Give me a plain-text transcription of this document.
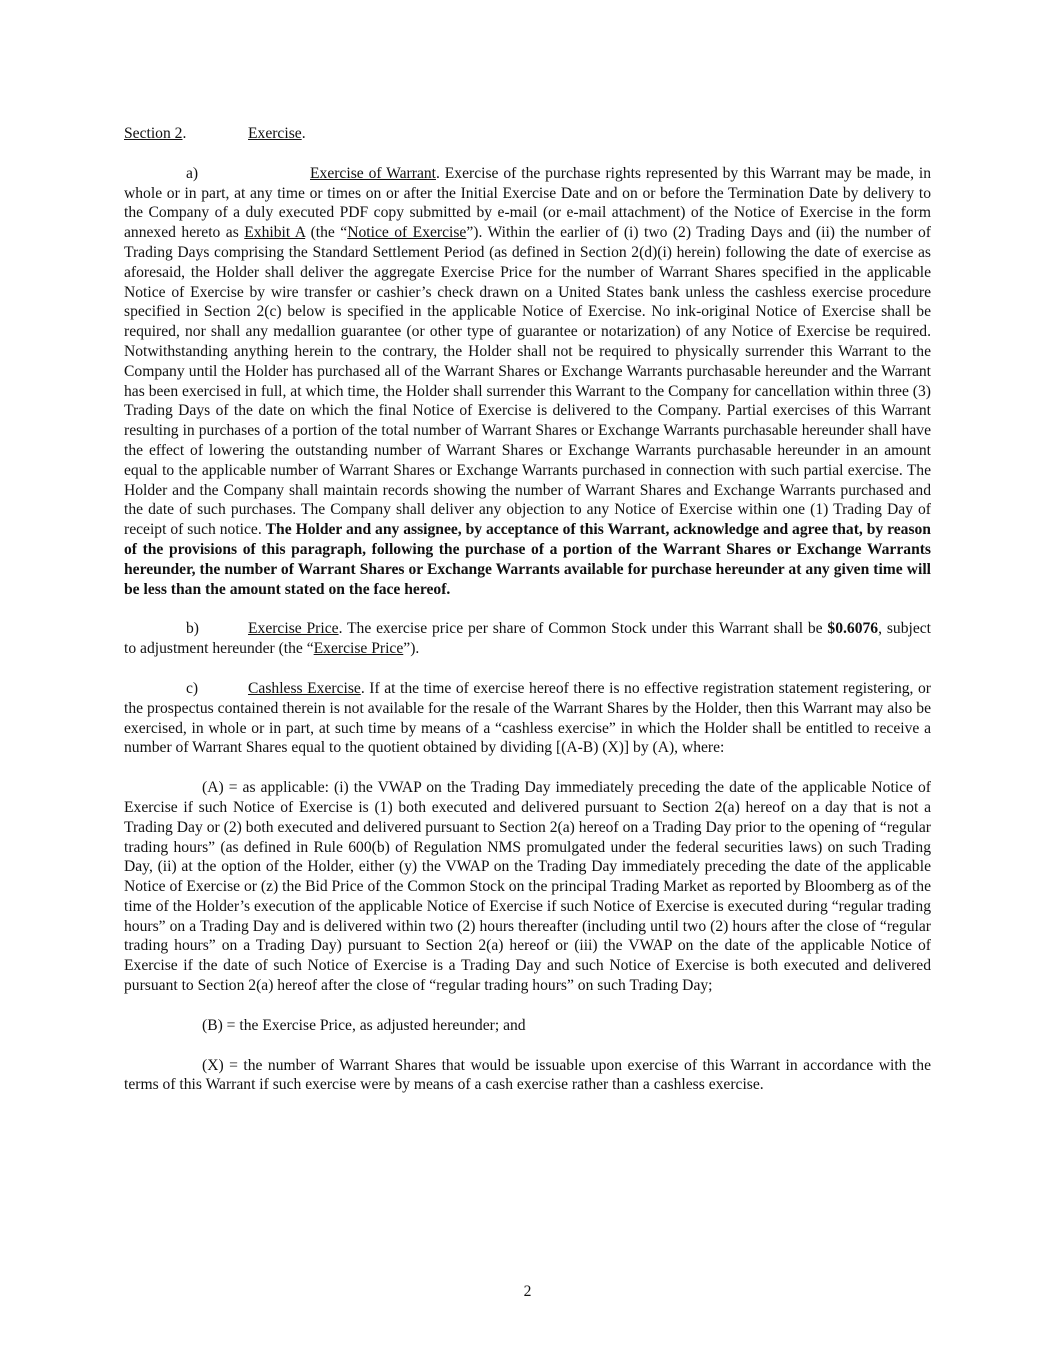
Section 2.	Exercise.

a)	Exercise of Warrant. Exercise of the purchase rights represented by this Warrant may be made, in whole or in part, at any time or times on or after the Initial Exercise Date and on or before the Termination Date by delivery to the Company of a duly executed PDF copy submitted by e-mail (or e-mail attachment) of the Notice of Exercise in the form annexed hereto as Exhibit A (the “Notice of Exercise”). Within the earlier of (i) two (2) Trading Days and (ii) the number of Trading Days comprising the Standard Settlement Period (as defined in Section 2(d)(i) herein) following the date of exercise as aforesaid, the Holder shall deliver the aggregate Exercise Price for the number of Warrant Shares specified in the applicable Notice of Exercise by wire transfer or cashier’s check drawn on a United States bank unless the cashless exercise procedure specified in Section 2(c) below is specified in the applicable Notice of Exercise. No ink-original Notice of Exercise shall be required, nor shall any medallion guarantee (or other type of guarantee or notarization) of any Notice of Exercise be required. Notwithstanding anything herein to the contrary, the Holder shall not be required to physically surrender this Warrant to the Company until the Holder has purchased all of the Warrant Shares or Exchange Warrants purchasable hereunder and the Warrant has been exercised in full, at which time, the Holder shall surrender this Warrant to the Company for cancellation within three (3) Trading Days of the date on which the final Notice of Exercise is delivered to the Company. Partial exercises of this Warrant resulting in purchases of a portion of the total number of Warrant Shares or Exchange Warrants purchasable hereunder shall have the effect of lowering the outstanding number of Warrant Shares or Exchange Warrants purchasable hereunder in an amount equal to the applicable number of Warrant Shares or Exchange Warrants purchased in connection with such partial exercise. The Holder and the Company shall maintain records showing the number of Warrant Shares and Exchange Warrants purchased and the date of such purchases. The Company shall deliver any objection to any Notice of Exercise within one (1) Trading Day of receipt of such notice. The Holder and any assignee, by acceptance of this Warrant, acknowledge and agree that, by reason of the provisions of this paragraph, following the purchase of a portion of the Warrant Shares or Exchange Warrants hereunder, the number of Warrant Shares or Exchange Warrants available for purchase hereunder at any given time will be less than the amount stated on the face hereof.

b)	Exercise Price. The exercise price per share of Common Stock under this Warrant shall be $0.6076, subject to adjustment hereunder (the “Exercise Price”).

c)	Cashless Exercise. If at the time of exercise hereof there is no effective registration statement registering, or the prospectus contained therein is not available for the resale of the Warrant Shares by the Holder, then this Warrant may also be exercised, in whole or in part, at such time by means of a “cashless exercise” in which the Holder shall be entitled to receive a number of Warrant Shares equal to the quotient obtained by dividing [(A-B) (X)] by (A), where:

(A) = as applicable: (i) the VWAP on the Trading Day immediately preceding the date of the applicable Notice of Exercise if such Notice of Exercise is (1) both executed and delivered pursuant to Section 2(a) hereof on a day that is not a Trading Day or (2) both executed and delivered pursuant to Section 2(a) hereof on a Trading Day prior to the opening of “regular trading hours” (as defined in Rule 600(b) of Regulation NMS promulgated under the federal securities laws) on such Trading Day, (ii) at the option of the Holder, either (y) the VWAP on the Trading Day immediately preceding the date of the applicable Notice of Exercise or (z) the Bid Price of the Common Stock on the principal Trading Market as reported by Bloomberg as of the time of the Holder’s execution of the applicable Notice of Exercise if such Notice of Exercise is executed during “regular trading hours” on a Trading Day and is delivered within two (2) hours thereafter (including until two (2) hours after the close of “regular trading hours” on a Trading Day) pursuant to Section 2(a) hereof or (iii) the VWAP on the date of the applicable Notice of Exercise if the date of such Notice of Exercise is a Trading Day and such Notice of Exercise is both executed and delivered pursuant to Section 2(a) hereof after the close of “regular trading hours” on such Trading Day;

(B) = the Exercise Price, as adjusted hereunder; and

(X) = the number of Warrant Shares that would be issuable upon exercise of this Warrant in accordance with the terms of this Warrant if such exercise were by means of a cash exercise rather than a cashless exercise.

2
